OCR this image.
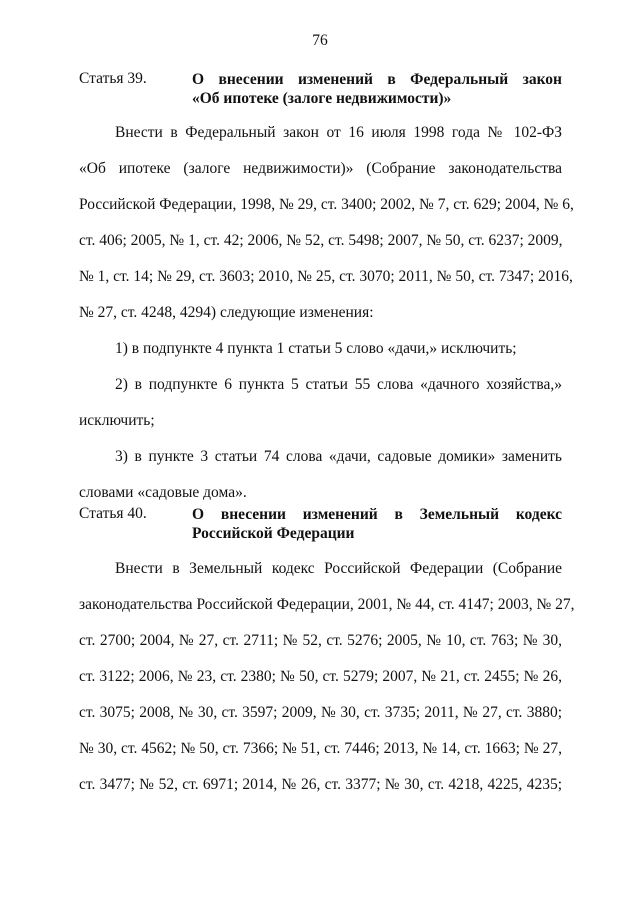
76
Статья 39.	О внесении изменений в Федеральный закон
«Об ипотеке (залоге недвижимости)»
Внести в Федеральный закон от 16 июля 1998 года № 102-ФЗ
«Об ипотеке (залоге недвижимости)» (Собрание законодательства
Российской Федерации, 1998, № 29, ст. 3400; 2002, № 7, ст. 629; 2004, № 6,
ст. 406; 2005, № 1, ст. 42; 2006, № 52, ст. 5498; 2007, № 50, ст. 6237; 2009,
№ 1, ст. 14; № 29, ст. 3603; 2010, № 25, ст. 3070; 2011, № 50, ст. 7347; 2016,
№ 27, ст. 4248, 4294) следующие изменения:
1) в подпункте 4 пункта 1 статьи 5 слово «дачи,» исключить;
2) в подпункте 6 пункта 5 статьи 55 слова «дачного хозяйства,»
исключить;
3) в пункте 3 статьи 74 слова «дачи, садовые домики» заменить
словами «садовые дома».
Статья 40.	О внесении изменений в Земельный кодекс
Российской Федерации
Внести в Земельный кодекс Российской Федерации (Собрание
законодательства Российской Федерации, 2001, № 44, ст. 4147; 2003, № 27,
ст. 2700; 2004, № 27, ст. 2711; № 52, ст. 5276; 2005, № 10, ст. 763; № 30,
ст. 3122; 2006, № 23, ст. 2380; № 50, ст. 5279; 2007, № 21, ст. 2455; № 26,
ст. 3075; 2008, № 30, ст. 3597; 2009, № 30, ст. 3735; 2011, № 27, ст. 3880;
№ 30, ст. 4562; № 50, ст. 7366; № 51, ст. 7446; 2013, № 14, ст. 1663; № 27,
ст. 3477; № 52, ст. 6971; 2014, № 26, ст. 3377; № 30, ст. 4218, 4225, 4235;
